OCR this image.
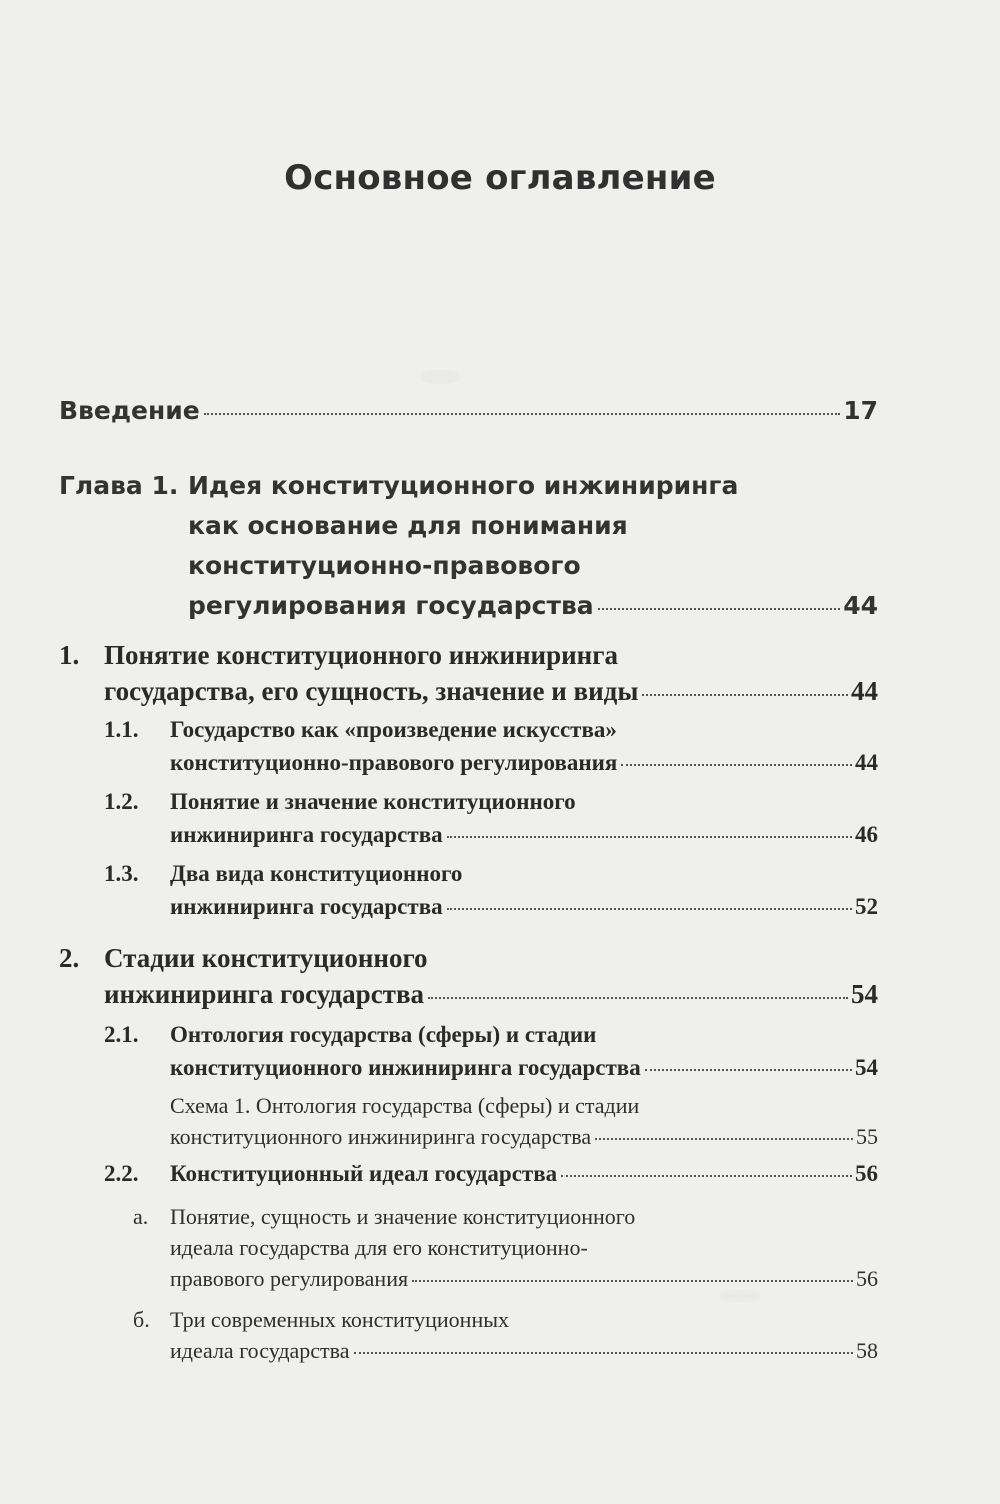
Основное оглавление
Введение	17
Глава 1. Идея конституционного инжиниринга
как основание для понимания
конституционно-правового
регулирования государства	44
1. Понятие конституционного инжиниринга
государства, его сущность, значение и виды	44
1.1. Государство как «произведение искусства»
конституционно-правового регулирования	44
1.2. Понятие и значение конституционного
инжиниринга государства	46
1.3. Два вида конституционного
инжиниринга государства	52
2. Стадии конституционного
инжиниринга государства	54
2.1. Онтология государства (сферы) и стадии
конституционного инжиниринга государства	54
Схема 1. Онтология государства (сферы) и стадии
конституционного инжиниринга государства	55
2.2. Конституционный идеал государства	56
а. Понятие, сущность и значение конституционного
идеала государства для его конституционно-
правового регулирования	56
б. Три современных конституционных
идеала государства	58
